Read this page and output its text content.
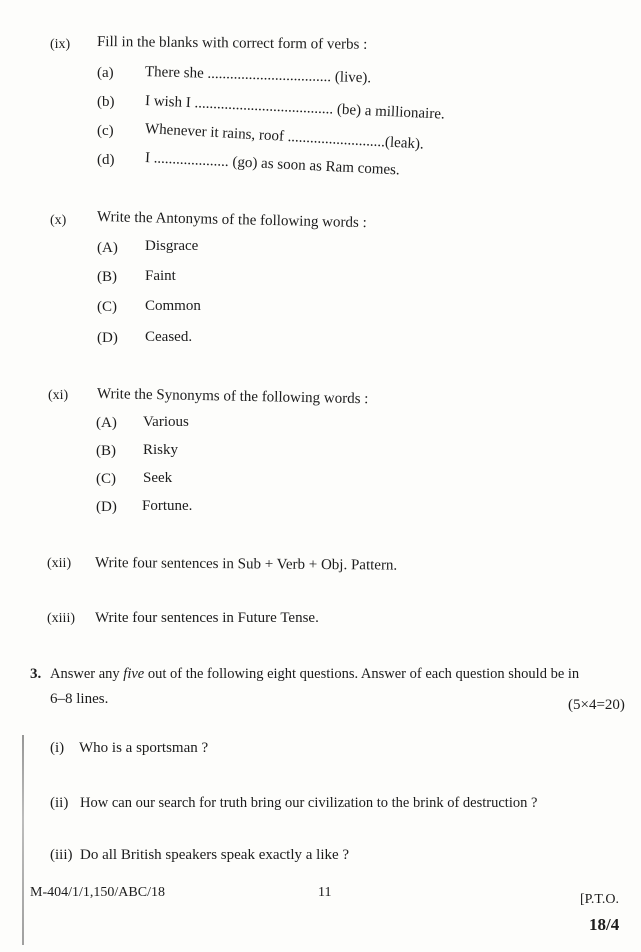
(ix) Fill in the blanks with correct form of verbs :
(a) There she ................................. (live).
(b) I wish I ..................................... (be) a millionaire.
(c) Whenever it rains, roof ..........................(leak).
(d) I .................... (go) as soon as Ram comes.
(x) Write the Antonyms of the following words :
(A) Disgrace
(B) Faint
(C) Common
(D) Ceased.
(xi) Write the Synonyms of the following words :
(A) Various
(B) Risky
(C) Seek
(D) Fortune.
(xii) Write four sentences in Sub + Verb + Obj. Pattern.
(xiii) Write four sentences in Future Tense.
3. Answer any five out of the following eight questions. Answer of each question should be in
6–8 lines.	(5×4=20)
(i) Who is a sportsman ?
(ii) How can our search for truth bring our civilization to the brink of destruction ?
(iii) Do all British speakers speak exactly a like ?
M-404/1/1,150/ABC/18	11	[P.T.O.
18/4
